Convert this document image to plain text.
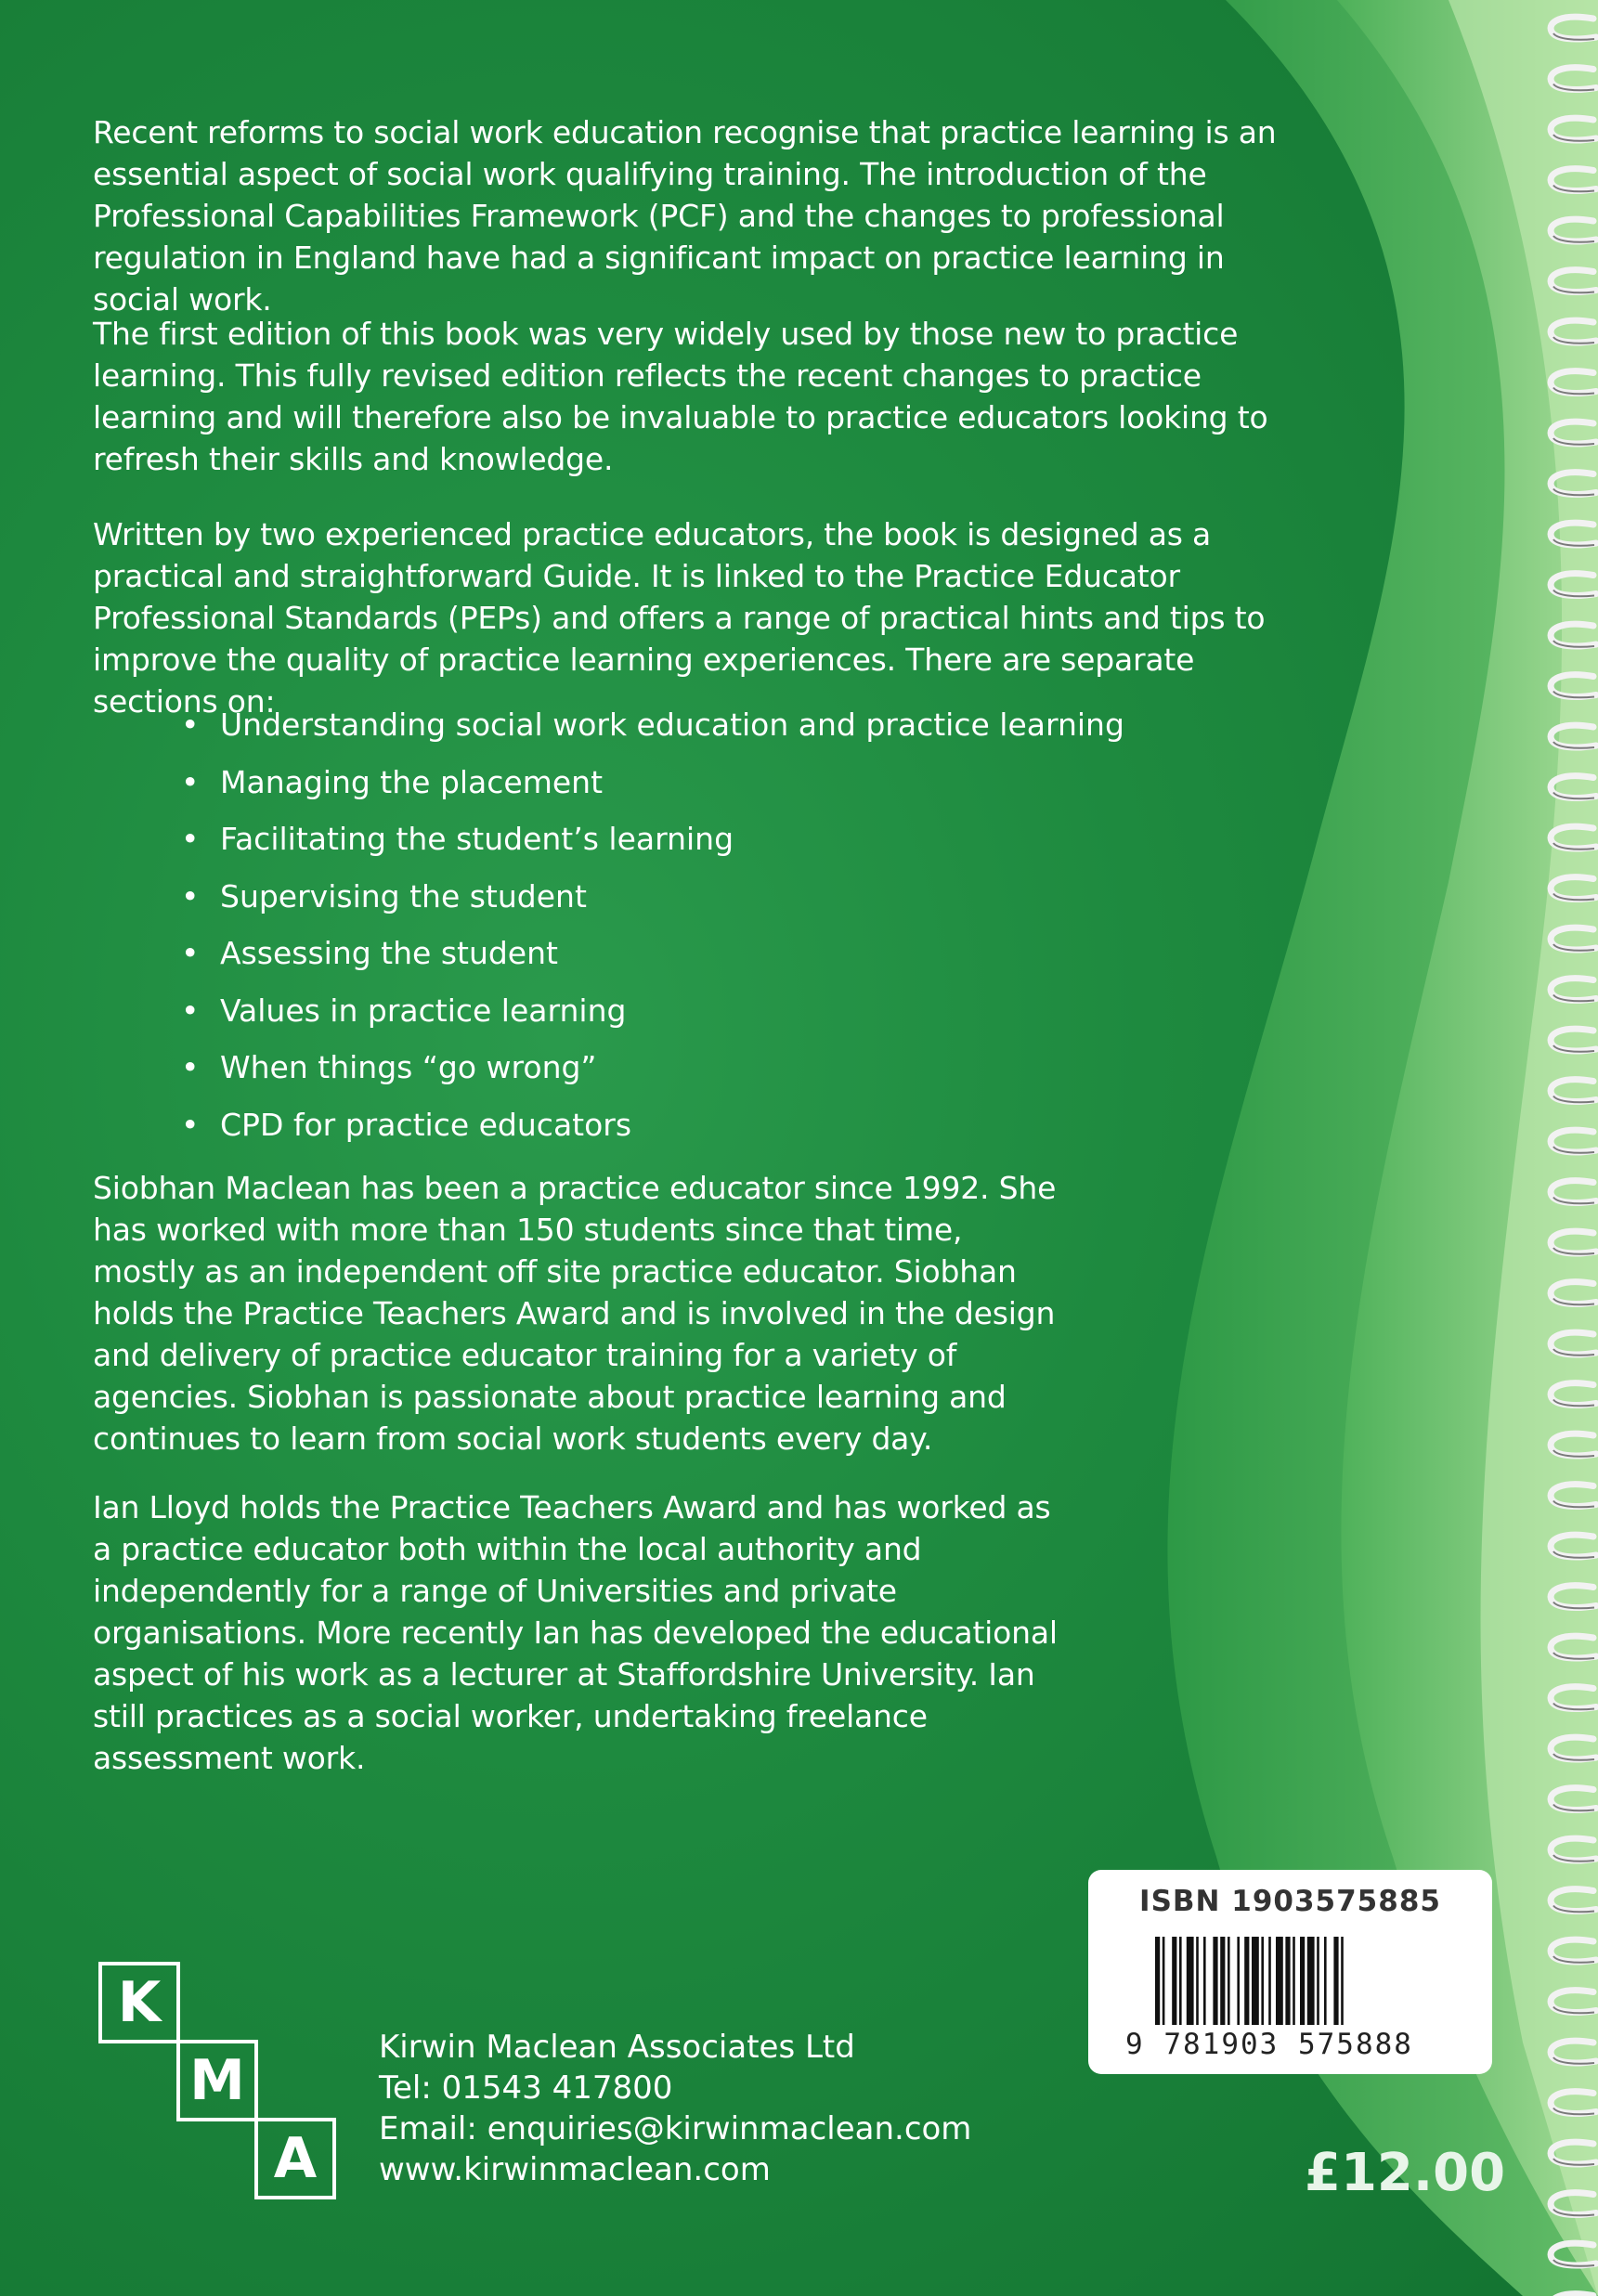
Recent reforms to social work education recognise that practice learning is an essential aspect of social work qualifying training. The introduction of the Professional Capabilities Framework (PCF) and the changes to professional regulation in England have had a significant impact on practice learning in social work.

The first edition of this book was very widely used by those new to practice learning. This fully revised edition reflects the recent changes to practice learning and will therefore also be invaluable to practice educators looking to refresh their skills and knowledge.

Written by two experienced practice educators, the book is designed as a practical and straightforward Guide. It is linked to the Practice Educator Professional Standards (PEPs) and offers a range of practical hints and tips to improve the quality of practice learning experiences. There are separate sections on:

• Understanding social work education and practice learning
• Managing the placement
• Facilitating the student’s learning
• Supervising the student
• Assessing the student
• Values in practice learning
• When things “go wrong”
• CPD for practice educators

Siobhan Maclean has been a practice educator since 1992. She has worked with more than 150 students since that time, mostly as an independent off site practice educator. Siobhan holds the Practice Teachers Award and is involved in the design and delivery of practice educator training for a variety of agencies. Siobhan is passionate about practice learning and continues to learn from social work students every day.

Ian Lloyd holds the Practice Teachers Award and has worked as a practice educator both within the local authority and independently for a range of Universities and private organisations. More recently Ian has developed the educational aspect of his work as a lecturer at Staffordshire University. Ian still practices as a social worker, undertaking freelance assessment work.

K
M
A
Kirwin Maclean Associates Ltd
Tel: 01543 417800
Email: enquiries@kirwinmaclean.com
www.kirwinmaclean.com
ISBN 1903575885
9 781903 575888
£12.00
